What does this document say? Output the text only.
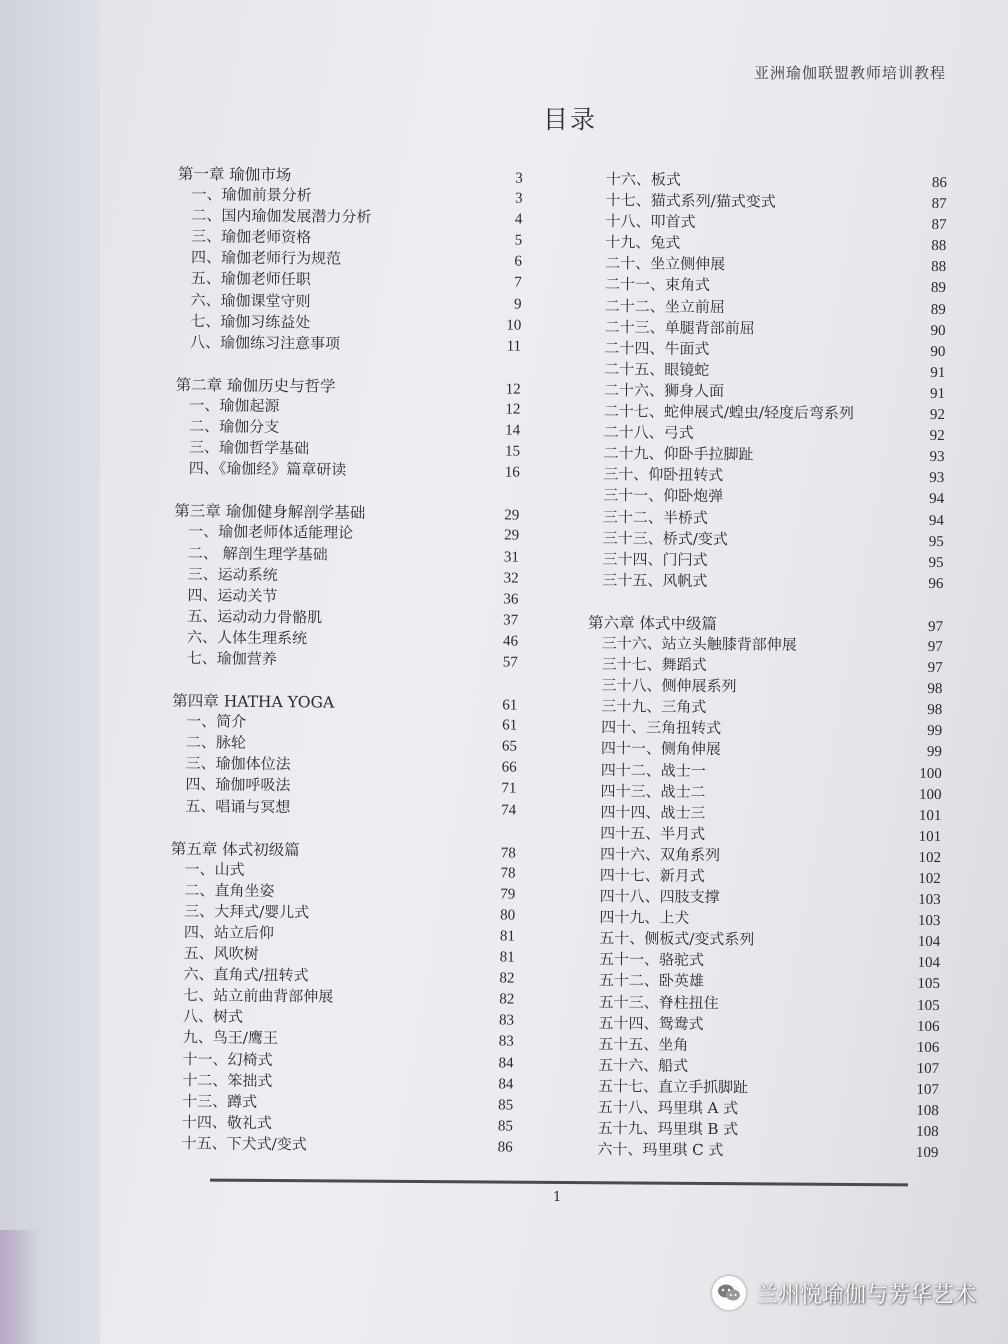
亚洲瑜伽联盟教师培训教程
目录
第一章 瑜伽市场	3
一、瑜伽前景分析	3
二、国内瑜伽发展潜力分析	4
三、瑜伽老师资格	5
四、瑜伽老师行为规范	6
五、瑜伽老师任职	7
六、瑜伽课堂守则	9
七、瑜伽习练益处	10
八、瑜伽练习注意事项	11
第二章 瑜伽历史与哲学	12
一、瑜伽起源	12
二、瑜伽分支	14
三、瑜伽哲学基础	15
四、《瑜伽经》篇章研读	16
第三章 瑜伽健身解剖学基础	29
一、瑜伽老师体适能理论	29
二、 解剖生理学基础	31
三、运动系统	32
四、运动关节	36
五、运动动力骨骼肌	37
六、人体生理系统	46
七、瑜伽营养	57
第四章 HATHA YOGA	61
一、简介	61
二、脉轮	65
三、瑜伽体位法	66
四、瑜伽呼吸法	71
五、唱诵与冥想	74
第五章 体式初级篇	78
一、山式	78
二、直角坐姿	79
三、大拜式/婴儿式	80
四、站立后仰	81
五、风吹树	81
六、直角式/扭转式	82
七、站立前曲背部伸展	82
八、树式	83
九、鸟王/鹰王	83
十一、幻椅式	84
十二、笨拙式	84
十三、蹲式	85
十四、敬礼式	85
十五、下犬式/变式	86
十六、板式	86
十七、猫式系列/猫式变式	87
十八、叩首式	87
十九、兔式	88
二十、坐立侧伸展	88
二十一、束角式	89
二十二、坐立前屈	89
二十三、单腿背部前屈	90
二十四、牛面式	90
二十五、眼镜蛇	91
二十六、狮身人面	91
二十七、蛇伸展式/蝗虫/轻度后弯系列	92
二十八、弓式	92
二十九、仰卧手拉脚趾	93
三十、仰卧扭转式	93
三十一、仰卧炮弹	94
三十二、半桥式	94
三十三、桥式/变式	95
三十四、门闩式	95
三十五、风帆式	96
第六章 体式中级篇	97
三十六、站立头触膝背部伸展	97
三十七、舞蹈式	97
三十八、侧伸展系列	98
三十九、三角式	98
四十、三角扭转式	99
四十一、侧角伸展	99
四十二、战士一	100
四十三、战士二	100
四十四、战士三	101
四十五、半月式	101
四十六、双角系列	102
四十七、新月式	102
四十八、四肢支撑	103
四十九、上犬	103
五十、侧板式/变式系列	104
五十一、骆驼式	104
五十二、卧英雄	105
五十三、脊柱扭住	105
五十四、鸳鸯式	106
五十五、坐角	106
五十六、船式	107
五十七、直立手抓脚趾	107
五十八、玛里琪 A 式	108
五十九、玛里琪 B 式	108
六十、玛里琪 C 式	109
1
兰州悦瑜伽与芳华艺术
